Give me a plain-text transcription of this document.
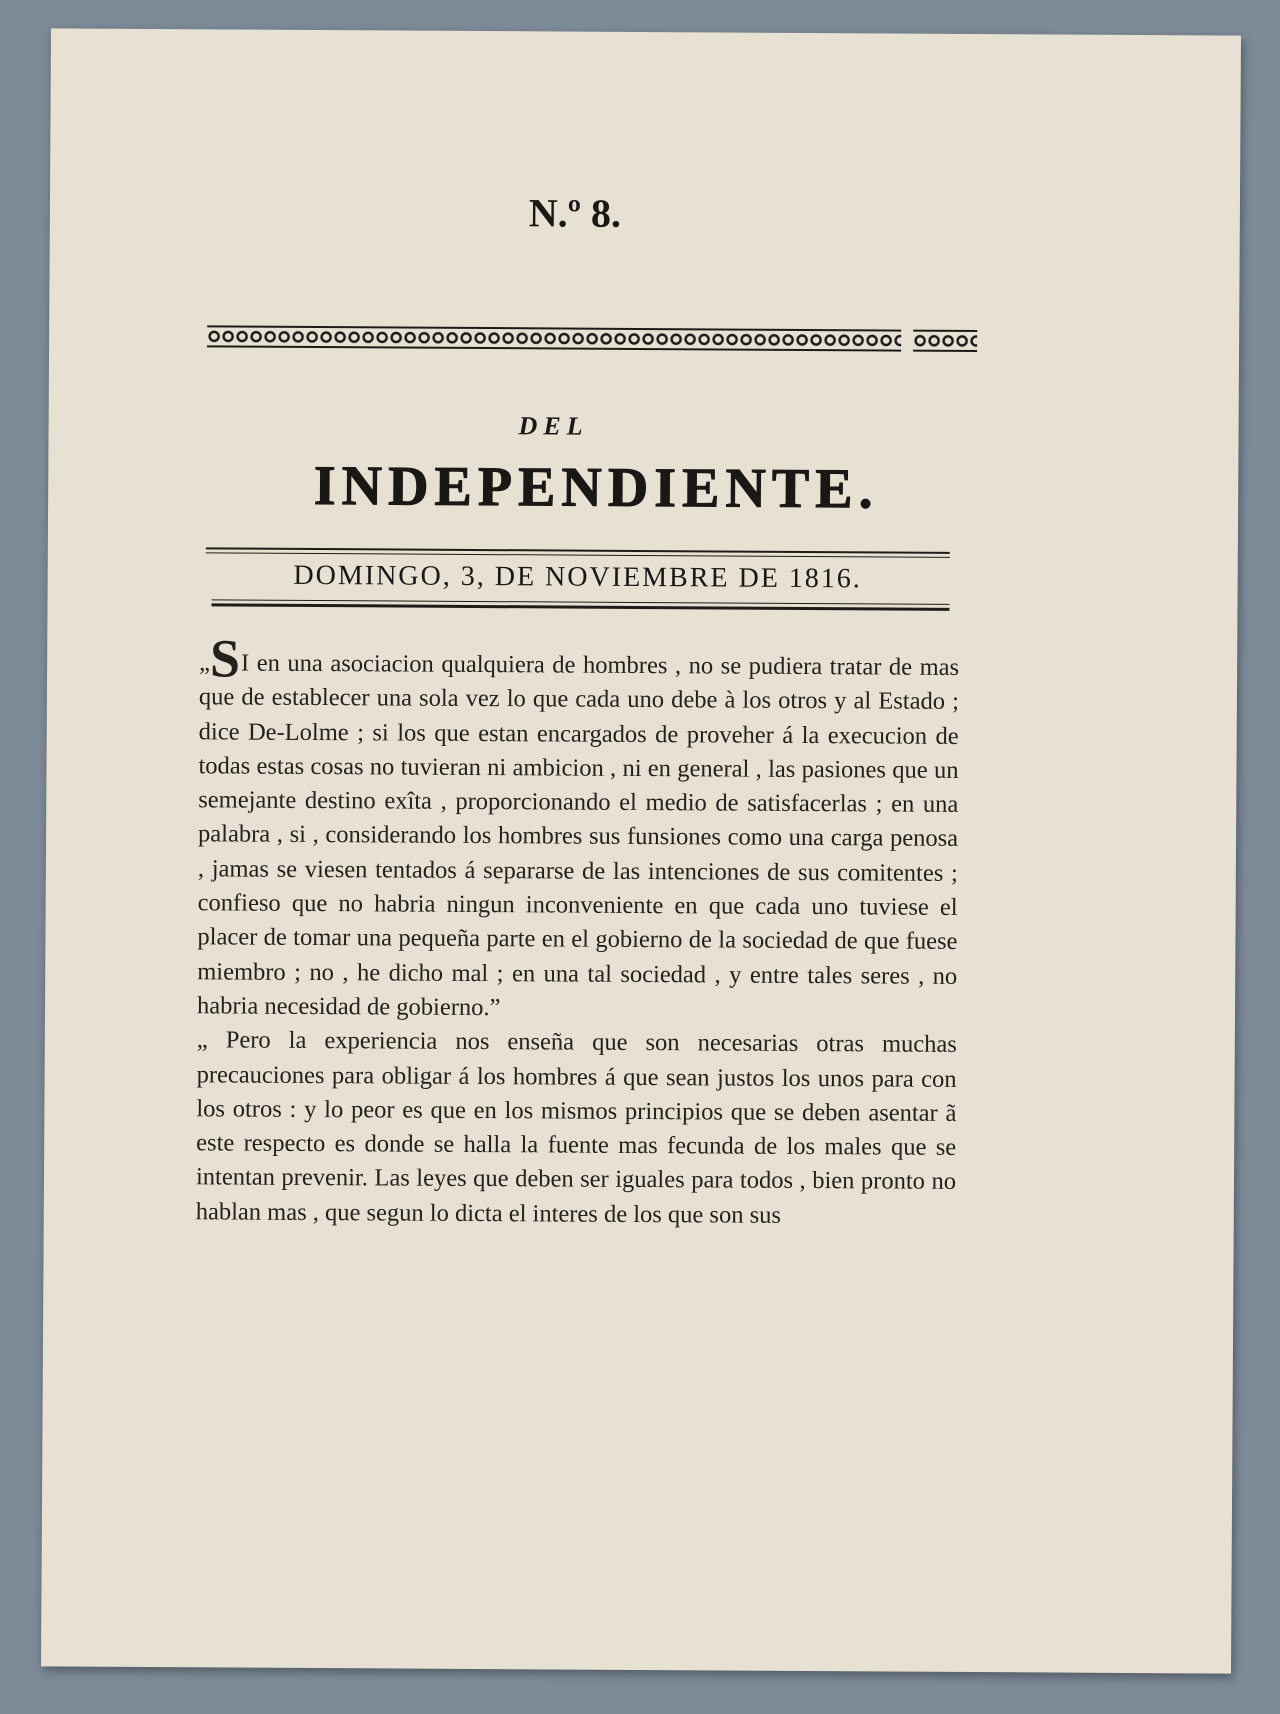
N.º 8.
DEL
INDEPENDIENTE.
DOMINGO, 3, DE NOVIEMBRE DE 1816.

„SI en una asociacion qualquiera de hombres , no se pudiera tratar de mas que de establecer una sola vez lo que cada uno debe à los otros y al Estado ; dice De-Lolme ; si los que estan encargados de proveher á la execucion de todas estas cosas no tuvieran ni ambicion , ni en general , las pasiones que un semejante destino exîta , proporcionando el medio de satisfacerlas ; en una palabra , si , considerando los hombres sus funsiones como una carga penosa , jamas se viesen tentados á separarse de las intenciones de sus comitentes ; confieso que no habria ningun inconveniente en que cada uno tuviese el placer de tomar una pequeña parte en el gobierno de la sociedad de que fuese miembro ; no , he dicho mal ; en una tal sociedad , y entre tales seres , no habria necesidad de gobierno.”

„ Pero la experiencia nos enseña que son necesarias otras muchas precauciones para obligar á los hombres á que sean justos los unos para con los otros : y lo peor es que en los mismos principios que se deben asentar ã este respecto es donde se halla la fuente mas fecunda de los males que se intentan prevenir. Las leyes que deben ser iguales para todos , bien pronto no hablan mas , que segun lo dicta el interes de los que son sus
